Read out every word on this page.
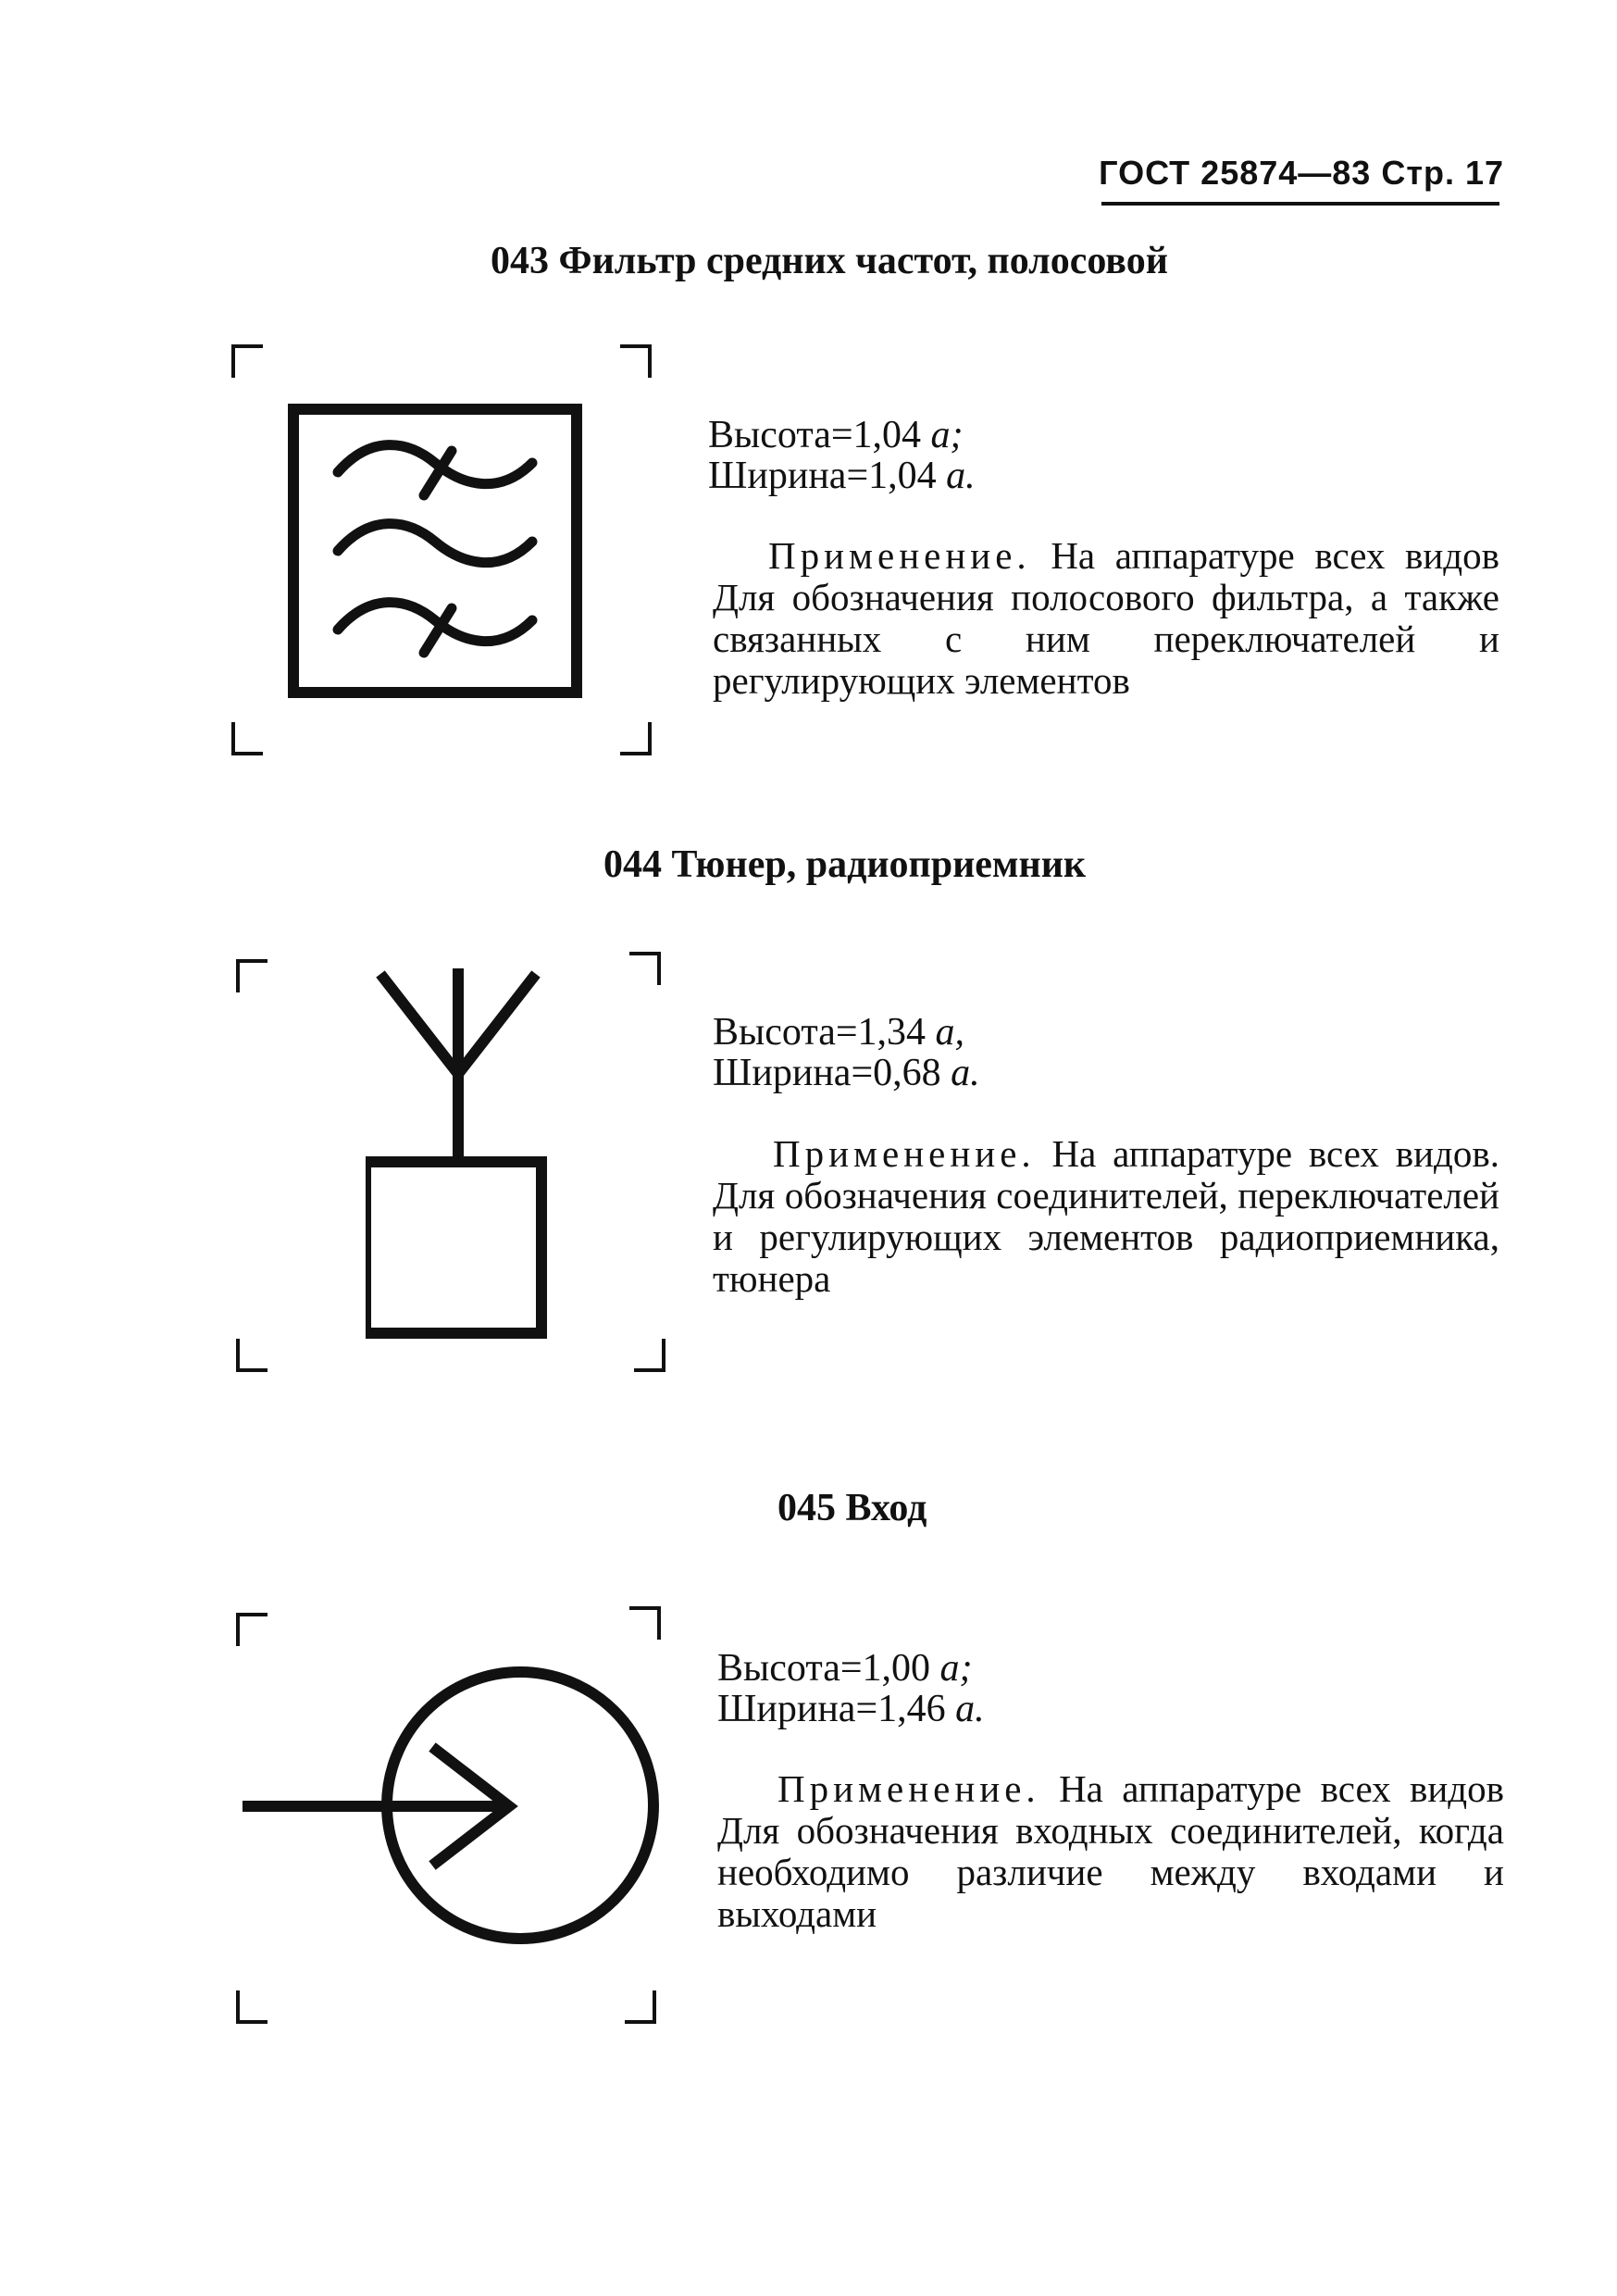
ГОСТ 25874—83 Стр. 17
043 Фильтр средних частот, полосовой
Высота=1,04 a;
Ширина=1,04 a.
Применение. На аппаратуре всех видов Для обозначения полосового фильтра, а также связанных с ним переключателей и регулирующих элементов
044 Тюнер, радиоприемник
Высота=1,34 a,
Ширина=0,68 a.
Применение. На аппаратуре всех видов. Для обозначения соединителей, переключателей и регулирующих элементов радиоприемника, тюнера
045 Вход
Высота=1,00 a;
Ширина=1,46 a.
Применение. На аппаратуре всех видов Для обозначения входных соединителей, когда необходимо различие между входами и выходами
